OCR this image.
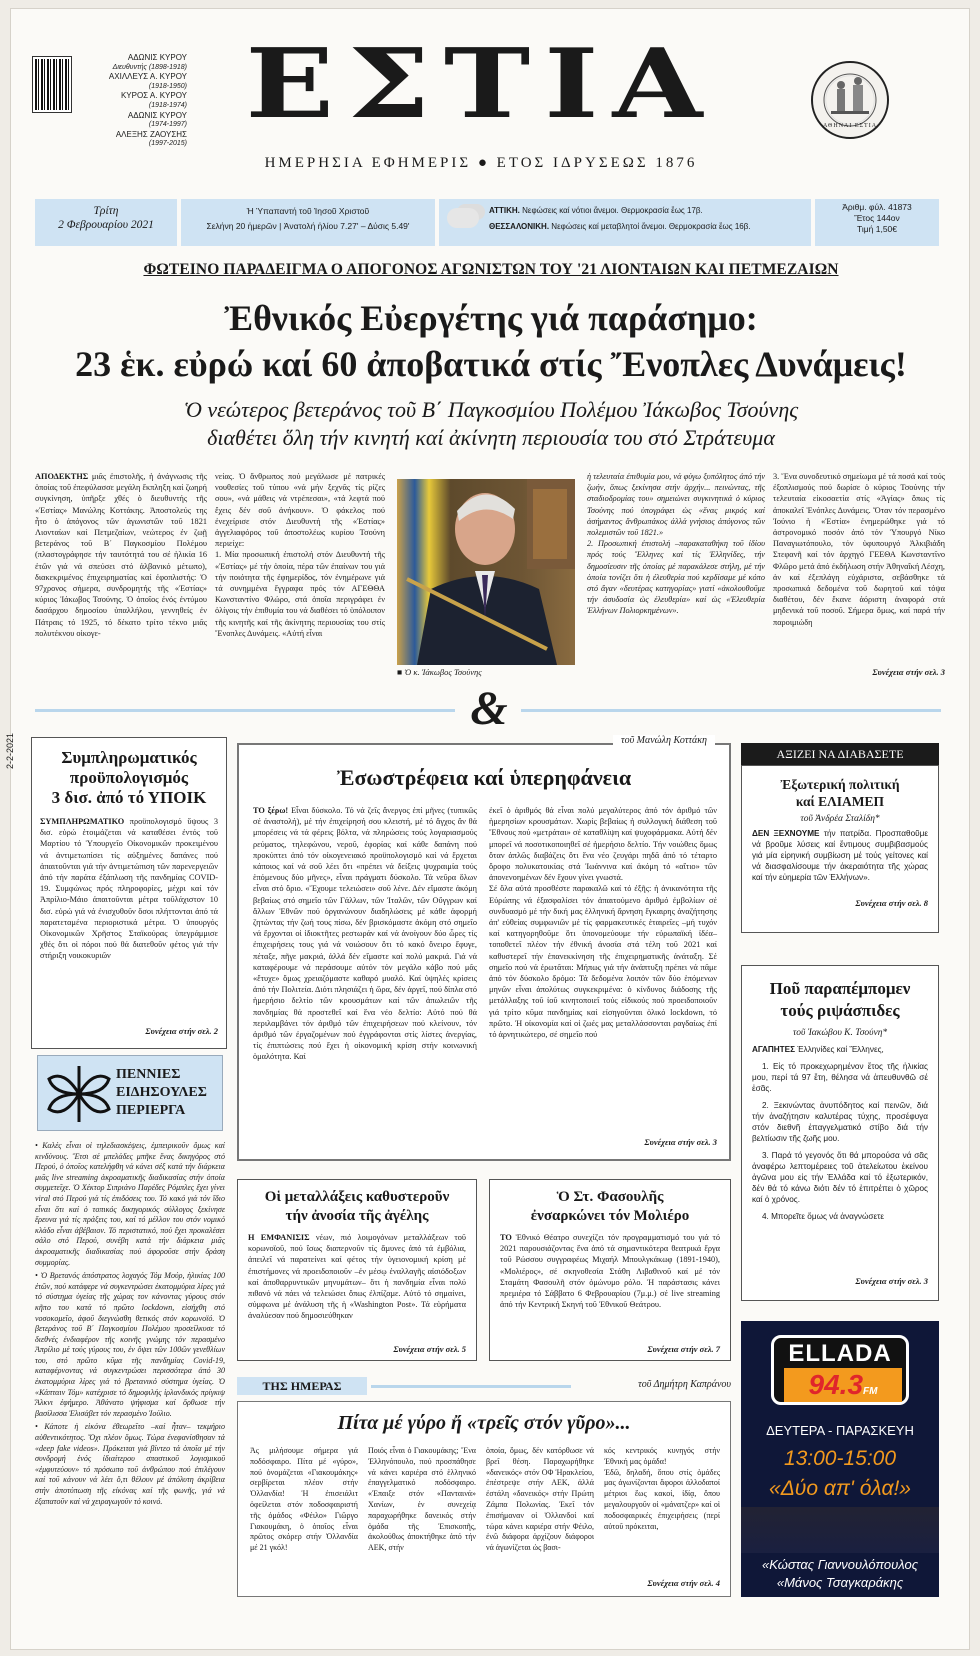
ΑΔΩΝΙΣ ΚΥΡΟΥ
Διευθυντής (1898-1918)
ΑΧΙΛΛΕΥΣ Α. ΚΥΡΟΥ
(1918-1950)
ΚΥΡΟΣ Α. ΚΥΡΟΥ
(1918-1974)
ΑΔΩΝΙΣ ΚΥΡΟΥ
(1974-1997)
ΑΛΕΞΗΣ ΖΑΟΥΣΗΣ
(1997-2015)
ΕΣΤΙΑ
ΗΜΕΡΗΣΙΑ ΕΦΗΜΕΡΙΣ ● ΕΤΟΣ ΙΔΡΥΣΕΩΣ 1876
ΑΘΗΝΑΙ ΕΣΤΙΑ
Τρίτη
2 Φεβρουαρίου 2021
Ἡ Ὑπαπαντή τοῦ Ἰησοῦ Χριστοῦ
Σελήνη 20 ἡμερῶν | Ἀνατολή ἡλίου 7.27' – Δύσις 5.49'
ΑΤΤΙΚΗ. Νεφώσεις καί νότιοι ἄνεμοι. Θερμοκρασία ἕως 17β.
ΘΕΣΣΑΛΟΝΙΚΗ. Νεφώσεις καί μεταβλητοί ἄνεμοι. Θερμοκρασία ἕως 16β.
Ἀριθμ. φύλ. 41873
Ἔτος 144ον
Τιμή 1,50€
ΦΩΤΕΙΝΟ ΠΑΡΑΔΕΙΓΜΑ Ο ΑΠΟΓΟΝΟΣ ΑΓΩΝΙΣΤΩΝ ΤΟΥ '21 ΛΙΟΝΤΑΙΩΝ ΚΑΙ ΠΕΤΜΕΖΑΙΩΝ
Ἐθνικός Εὐεργέτης γιά παράσημο:
23 ἑκ. εὐρώ καί 60 ἀποβατικά στίς Ἔνοπλες Δυνάμεις!
Ὁ νεώτερος βετεράνος τοῦ Β΄ Παγκοσμίου Πολέμου Ἰάκωβος Τσούνης
διαθέτει ὅλη τήν κινητή καί ἀκίνητη περιουσία του στό Στράτευμα
ΑΠΟΔΕΚΤΗΣ μιᾶς ἐπιστολῆς, ἡ ἀνάγνωσις τῆς ὁποίας τοῦ ἐπεφύλασσε μεγάλη ἔκπληξη καί ζωηρή συγκίνηση, ὑπῆρξε χθές ὁ διευθυντής τῆς «Ἑστίας» Μανώλης Κοττάκης. Ἀποστολεύς της ἦτο ὁ ἀπόγονος τῶν ἀγωνιστῶν τοῦ 1821 Λιονταίων καί Πετμεζαίων, νεώτερος ἐν ζωῇ βετεράνος τοῦ Β΄ Παγκοσμίου Πολέμου (πλαστογράφησε τήν ταυτότητά του σέ ἡλικία 16 ἐτῶν γιά νά σπεύσει στό ἀλβανικό μέτωπο), διακεκριμένος ἐπιχειρηματίας καί ἐφοπλιστής: Ὁ 97χρονος σήμερα, συνδρομητής τῆς «Ἑστίας» κύριος Ἰάκωβος Τσούνης. Ὁ ὁποῖος ἐνός ἐντύμου δασάρχου δημοσίου ὑπαλλήλου, γεννηθείς ἐν Πάτραις τό 1925, τό δέκατο τρίτο τέκνο μιᾶς πολυτέκνου οἰκογε-
νείας. Ὁ ἄνθρωπος πού μεγάλωσε μέ πατρικές νουθεσίες τοῦ τύπου «νά μήν ξεχνᾶς τίς ρίζες σου», «νά μάθεις νά ντρέπεσαι», «τά λεφτά πού ἔχεις δέν σοῦ ἀνήκουν». Ὁ φάκελος πού ἐνεχείρισε στόν Διευθυντή τῆς «Ἑστίας» ἀγγελιαφόρος τοῦ ἀποστολέως κυρίου Τσούνη περιείχε:
1. Μία προσωπική ἐπιστολή στόν Διευθυντή τῆς «Ἑστίας» μέ τήν ὁποία, πέρα τῶν ἐπαίνων του γιά τήν ποιότητα τῆς ἐφημερίδος, τόν ἐνημέρωνε γιά τά συνημμένα ἔγγραφα πρός τόν ΑΓΕΘΘΑ Κωνσταντίνο Φλώρο, στά ὁποῖα περιγράφει ἐν ὀλίγοις τήν ἐπιθυμία του νά διαθέσει τό ὑπόλοιπον τῆς κινητῆς καί τῆς ἀκίνητης περιουσίας του στίς Ἔνοπλες Δυνάμεις. «Αὐτή εἶναι
■ Ὁ κ. Ἰάκωβος Τσούνης
ἡ τελευταία ἐπιθυμία μου, νά φύγω ξυπόλητος ἀπό τήν ζωήν, ὅπως ξεκίνησα στήν ἀρχήν... πεινώντας, τῆς σταδιοδρομίας του» σημειώνει συγκινητικά ὁ κύριος Τσούνης πού ὑπογράφει ὡς «ἕνας μικρός καί ἀσήμαντος ἄνθρωπάκος ἀλλά γνήσιος ἀπόγονος τῶν πολεμιστῶν τοῦ 1821.»
2. Προσωπική ἐπιστολή –παρακαταθήκη τοῦ ἰδίου πρός τούς Ἕλληνες καί τίς Ἑλληνίδες, τήν δημοσίευσιν τῆς ὁποίας μέ παρακάλεσε στήλη, μέ τήν ὁποία τονίζει ὅτι ἡ ἐλευθερία πού κερδίσαμε μέ κόπο στό ἄγαν «δευτέρας κατηγορίας» γιατί «ἀκολουθοῦμε τήν ἀσυδοσία ὡς ἐλευθερία» καί ὡς «Ἐλευθερία Ἑλλήνων Πολιορκημένων».
3. Ἕνα συνοδευτικό σημείωμα μέ τά ποσά καί τούς ἐξοπλισμούς πού δωρίσε ὁ κύριος Τσούνης τήν τελευταία εἰκοσαετία στίς «Ἀγίας» ὅπως τίς ἀποκαλεῖ Ἐνόπλες Δυνάμεις. Ὅταν τόν περασμένο Ἰούνιο ἡ «Ἑστία» ἐνημερώθηκε γιά τό ἀστρονομικό ποσόν ἀπό τόν Ὑπουργό Νίκο Παναγιωτόπουλο, τόν ὑφυπουργό Ἀλκιβιάδη Στεφανῆ καί τόν ἀρχηγό ΓΕΕΘΑ Κωνσταντῖνο Φλῶρο μετά ἀπό ἐκδήλωση στήν Ἀθηναΐκή Λέσχη, ἀν καί ἐξεπλάγη εὐχάριστα, σεβάσθηκε τά προσωπικά δεδομένα τοῦ δωρητοῦ καί τόψα διαθέτου, δέν ἔκανε ἀόριστη ἀναφορά στά μηδενικά τοῦ ποσοῦ. Σήμερα ὅμως, καί παρά τήν παροιμιώδη
Συνέχεια στήν σελ. 3
&
2-2-2021	Συμπληρωματικός
προϋπολογισμός
3 δισ. ἀπό τό ΥΠΟΙΚ
ΣΥΜΠΛΗΡΩΜΑΤΙΚΟ προϋπολογισμό ὕψους 3 δισ. εὐρώ ἑτοιμάζεται νά καταθέσει ἐντός τοῦ Μαρτίου τό Ὑπουργεῖο Οἰκονομικῶν προκειμένου νά ἀντιμετωπίσει τίς αὐξημένες δαπάνες πού ἀπαιτοῦνται γιά τήν ἀντιμετώπιση τῶν παρενεργειῶν ἀπό τήν παράτα ἐξάπλωση τῆς πανδημίας COVID-19. Συμφώνως πρός πληροφορίες, μέχρι καί τόν Ἀπρίλιο-Μάιο ἀπαιτοῦνται μέτρα τοῦλάχιστον 10 δισ. εὐρώ γιά νά ἐνισχυθοῦν ὅσοι πλήττονται ἀπό τά παρατεταμένα περιοριστικά μέτρα. Ὁ ὑπουργός Οἰκονομικῶν Χρῆστος Σταϊκούρας ὑπεγράμμισε χθές ὅτι οἱ πόροι πού θά διατεθοῦν φέτος γιά τήν στήριξη νοικοκυριῶν
Συνέχεια στήν σελ. 2
ΠΕΝΝΙΕΣ
ΕΙΔΗΣΟΥΛΕΣ
ΠΕΡΙΕΡΓΑ

• Καλές εἶναι οἱ τηλεδιασκέψεις, ἐμπειρικοῦν ὅμως καί κινδύνους. Ἔτσι σέ μπελάδες μπῆκε ἕνας δικηγόρος στό Περού, ὁ ὁποῖος κατελήφθη νά κάνει σέξ κατά τήν διάρκεια μιᾶς live streaming ἀκροαματικῆς διαδικασίας στήν ὁποία συμμετεῖχε. Ὁ Χέκτορ Σιπριάνο Παρέδες Ρόμπλες ἔχει γίνει viral στό Περού γιά τίς ἐπιδόσεις του. Τό κακό γιά τόν ἴδιο εἶναι ὅτι καί ὁ τοπικός δικηγορικός σύλλογος ξεκίνησε ἔρευνα γιά τίς πράξεις του, καί τό μέλλον του στόν νομικό κλάδο εἶναι ἀβέβαιον. Τό περιστατικό, πού ἔχει προκαλέσει σάλο στό Περού, συνέβη κατά τήν διάρκεια μιᾶς ἀκροαματικῆς διαδικασίας πού ἀφοροῦσε στήν δράση συμμορίας.

• Ὁ Βρετανός ἀπόστρατος λοχαγός Τόμ Μούρ, ἡλικίας 100 ἐτῶν, πού κατάφερε νά συγκεντρώσει ἑκατομμύρια λίρες γιά τό σύστημα ὑγείας τῆς χώρας τον κάνοντας γύρους στόν κῆπο του κατά τό πρῶτο lockdown, εἰσήχθη στό νοσοκομεῖο, ἀφοῦ διεγνώσθη θετικός στόν κορωνοϊό. Ὁ βετεράνος τοῦ Β΄ Παγκοσμίου Πολέμου προσείλκυσε τό διεθνές ἐνδιαφέρον τῆς κοινῆς γνώμης τόν περασμένο Ἀπρίλιο μέ τούς γύρους του, ἐν ὄψει τῶν 100ῶν γενεθλίων του, στό πρῶτο κῦμα τῆς πανδημίας Covid-19, καταφέρνοντας νά συγκεντρώσει περισσότερα ἀπό 30 ἑκατομμύρια λίρες γιά τό βρετανικό σύστημα ὑγείας. Ὁ «Κάπταιν Τόμ» κατέχρισε τό δημοφιλής ἰρλανδικός πρίγκιψ Ἄλκνι ἐφήμερο. Ἀθάνατο ψήφισμα καί ὄρθωσε τήν βασίλισσα Ἐλισάβετ τόν περασμένο Ἰούλιο.

• Κάποτε ἡ εἰκόνα ἐθεωρεῖτο –καί ἦταν– τεκμήριο αὐθεντικότητος. Ὄχι πλέον ὅμως. Τώρα ἐνεφανίσθησαν τά «deep fake videos». Πρόκειται γιά βίντεο τά ὁποῖα μέ τήν συνδρομή ἑνός ἰδιαίτερου σπαστικοῦ λογισμικοῦ «ἐμφυτεύουν» τό πρόσωπο τοῦ ἀνθρώπου πού ἐπιλέγουν καί τοῦ κάνουν νά λέει ὅ,τι θέλουν μέ ἀπόλυτη ἀκρίβεια στήν ἀποτύπωση τῆς εἰκόνας καί τῆς φωνῆς, γιά νά ἐξαπατοῦν καί νά χειραγωγοῦν τό κοινό.

τοῦ Μανώλη Κοττάκη
Ἐσωστρέφεια καί ὑπερηφάνεια
ΤΟ ξέρω! Εἶναι δύσκολο. Τό νά ζεῖς ἄνεργος ἐπί μῆνες (τυπικῶς σέ ἀναστολή), μέ τήν ἐπιχείρησή σου κλειστή, μέ τό ἄγχος ἄν θά μπορέσεις νά τά φέρεις βόλτα, νά πληρώσεις τούς λογαριασμούς ρεύματος, τηλεφώνου, νεροῦ, ἐφορίας καί κάθε δαπάνη πού προκύπτει ἀπό τόν οἰκογενειακό προϋπολογισμό καί νά ἔρχεται κάποιος καί νά σοῦ λέει ὅτι «πρέπει νά δείξεις ψυχραιμία τούς ἑπόμενους δύο μῆνες», εἶναι πράγματι δύσκολο. Τά νεῦρα ὅλων εἶναι στό ὅριο. «Ἔχουμε τελειώσει» σοῦ λένε. Δέν εἴμαστε ἀκόμη βεβαίως στό σημεῖο τῶν Γάλλων, τῶν Ἰταλῶν, τῶν Οὔγγρων καί ἄλλων Ἐθνῶν πού ὀργανώνουν διαδηλώσεις μέ κάθε ἀφορμή ζητώντας τήν ζωή τους πίσω, δέν βρισκόμαστε ἀκόμη στό σημεῖο νά ἔρχονται οἱ ἰδιοκτῆτες ρεστωράν καί νά ἀνοίγουν δύο ὧρες τίς ἐπιχειρήσεις τους γιά νά νοιώσουν ὅτι τό κακό ὄνειρο ἔφυγε, πέταξε, πῆγε μακριά, ἀλλά δέν εἴμαστε καί πολύ μακριά. Γιά νά καταφέρουμε νά περάσουμε αὐτόν τόν μεγάλο κάβο πού μᾶς «ἔτυχε» ὅμως χρειαζόμαστε καθαρό μυαλό. Καί ὑψηλές κρίσεις ἀπό τήν Πολιτεία. Διότι πλησιάζει ἡ ὥρα, δέν ἀργεῖ, πού δίπλα στό ἡμερήσιο δελτίο τῶν κρουσμάτων καί τῶν ἀπωλειῶν τῆς πανδημίας θά προστεθεῖ καί ἕνα νέο δελτίο: Αὐτό πού θά περιλαμβάνει τόν ἀριθμό τῶν ἐπιχειρήσεων πού κλείνουν, τόν ἀριθμό τῶν ἐργαζομένων πού ἐγγράφονται στίς λίστες ἀνεργίας, τίς ἐπιπτώσεις πού ἔχει ἡ οἰκονομική κρίση στήν κοινωνική ὁμαλότητα. Καί
ἐκεῖ ὁ ἀριθμός θά εἶναι πολύ μεγαλύτερος ἀπό τόν ἀριθμό τῶν ἡμερησίων κρουσμάτων. Χωρίς βεβαίως ἡ συλλογική διάθεση τοῦ Ἔθνους πού «μετράται» σέ καταθλίψη καί ψυχοφάρμακα. Αὐτή δέν μπορεῖ νά ποσοτικοποιηθεῖ σέ ἡμερήσιο δελτίο. Τήν νοιώθεις ὅμως ὅταν ἁπλῶς διαβάζεις ὅτι ἕνα νέο ζευγάρι πηδᾶ ἀπό τό τέταρτο ὄροφο πολυκατοικίας στά Ἰωάννινα καί ἀκόμη τό «αἴτιο» τῶν ἀπονενοημένων δέν ἔχουν γίνει γνωστά.
Σέ ὅλα αὐτά προσθέστε παρακαλῶ καί τό ἐξῆς: ἡ ἀνικανότητα τῆς Εὐρώπης νά ἐξασφαλίσει τόν ἀπαιτούμενο ἀριθμό ἐμβολίων σέ συνδυασμό μέ τήν δική μας ἑλληνική ἄρνηση ἔγκαιρης ἀναζήτησης ἀπ' εὐθείας συμφωνιῶν μέ τίς φαρμακευτικές ἑταιρεῖες –μή τυχόν καί κατηγορηθοῦμε ὅτι ὑπονομεύουμε τήν εὐρωπαϊκή ἰδέα– τοποθετεῖ πλέον τήν ἐθνική ἀνοσία στά τέλη τοῦ 2021 καί καθυστερεῖ τήν ἐπανεκκίνηση τῆς ἐπιχειρηματικῆς ἀνάταξη. Σέ σημεῖο πού νά ἐρωτᾶται: Μήπως γιά τήν ἀνάπτυξη πρέπει νά πᾶμε ἀπό τόν δύσκολο δρόμο: Τά δεδομένα λοιπόν τῶν δύο ἑπόμενων μηνῶν εἶναι ἀπολύτως συγκεκριμένα: ὁ κίνδυνος διάδοσης τῆς μετάλλαξης τοῦ ἰοῦ κινητοποιεῖ τούς εἰδικούς πού προειδοποιοῦν γιά τρίτο κῦμα πανδημίας καί εἰσηγοῦνται ὁλικό lockdown, τό πρῶτο. Ἡ οἰκονομία καί οἱ ζωές μας μεταλλάσσονται ραγδαίως ἐπί τό ἀρνητικώτερο, σέ σημεῖο πού
Συνέχεια στήν σελ. 3
Οἱ μεταλλάξεις καθυστεροῦν
τήν ἀνοσία τῆς ἀγέλης
Η ΕΜΦΑΝΙΣΙΣ νέων, πιό λοιμογόνων μεταλλάξεων τοῦ κορωνοϊοῦ, πού ἴσως διαπερνοῦν τίς ἄμυνες ἀπό τά ἐμβόλια, ἀπειλεῖ νά παρατείνει καί φέτος τήν ὑγειονομική κρίση μέ ἐπιστήμονες νά προειδοποιοῦν –ἐν μέσῳ ἐναλλαγῆς αἰσιόδοξων καί ἀποθαρρυντικῶν μηνυμάτων– ὅτι ἡ πανδημία εἶναι πολύ πιθανό νά πάει νά τελειώσει ὅπως ἐλπίζαμε. Αὐτό τό σημαίνει, σύμφωνα μέ ἀνάλυση τῆς ἡ «Washington Post». Τά εὑρήματα ἀναλύεσαν πού δημοσιεύθηκαν
Συνέχεια στήν σελ. 5
Ὁ Στ. Φασουλῆς
ἐνσαρκώνει τόν Μολιέρο
ΤΟ Ἐθνικό Θέατρο συνεχίζει τόν προγραμματισμό του γιά τό 2021 παρουσιάζοντας ἕνα ἀπό τά σημαντικότερα θεατρικά ἔργα τοῦ Ρώσσου συγγραφέως Μιχαήλ Μπουλγκάκωφ (1891-1940), «Μολιέρος», σέ σκηνοθεσία Στάθη Λιβαθινοῦ καί μέ τόν Σταμάτη Φασουλῆ στόν ὁμώνυμο ρόλο. Ἡ παράστασις κάνει πρεμιέρα τό Σάββατο 6 Φεβρουαρίου (7μ.μ.) σέ live streaming ἀπό τήν Κεντρική Σκηνή τοῦ Ἐθνικοῦ Θεάτρου.
Συνέχεια στήν σελ. 7
ΤΗΣ ΗΜΕΡΑΣ	τοῦ Δημήτρη Καπράνου
Πίτα μέ γύρο ἤ «τρεῖς στόν γῦρο»...
Ἀς μιλήσουμε σήμερα γιά ποδόσφαιρο. Πίτα μέ «γύρο», πού ὀνομάζεται «Γιακουμάκης» σερβίρεται πλέον στήν Ὀλλανδία! Ἡ ἐπισειάλιτ ὀφείλεται στόν ποδοσφαιριστή τῆς ὁμάδος «Φέιλο» Γιῶργο Γιακουμάκη, ὁ ὁποῖος εἶναι πρῶτος σκόρερ στήν Ὀλλανδία μέ 21 γκόλ!
Ποιός εἶναι ὁ Γιακουμάκης; Ἕνα Ἑλληνόπουλο, πού προσπάθησε νά κάνει καριέρα στό ἑλληνικό ἐπαγγελματικό ποδόσφαιρο. «Ἐπαιξε στόν «Πανταινά» Χανίων, ἐν συνεχείᾳ παραχωρήθηκε δανεικός στήν ὁμάδα τῆς Ἐπισκοπῆς, ἀκολούθως ἀποκτήθηκε ἀπό τήν ΑΕΚ, στήν
ὁποία, ὅμως, δέν κατόρθωσε νά βρεῖ θέση. Παραχωρήθηκε «δανεικός» στόν ΟΦ Ἡρακλείου, ἐπέστρεψε στήν ΑΕΚ, ἀλλά ἐστάλη «δανεικός» στήν Πρώτη Ζάμπα Πολωνίας. Ἐκεῖ τόν ἐπισήμαναν οἱ Ὀλλανδοί καί τώρα κάνει καριέρα στήν Φέιλο, ἐνῶ διάφορα ἀρχίζουν διάφοροι νά ἀγωνίζεται ὡς βασι-
κός κεντρικός κυνηγός στήν Ἐθνική μας ὁμάδα!
Ἐδῶ, δηλαδή, ὅπου στίς ὁμάδες μας ἀγωνίζονται ἄφοροι ἀλλοδαποί μέτριοι ἕως κακοί, ἰδίᾳ, ὅπου μεγαλουργοῦν οἱ «μάνατζερ» καί οἱ ποδοσφαιρικές ἐπιχειρήσεις (περί αὐτοῦ πρόκειται,
Συνέχεια στήν σελ. 4
ΑΞΙΖΕΙ ΝΑ ΔΙΑΒΑΣΕΤΕ
Ἐξωτερική πολιτική
καί ΕΛΙΑΜΕΠ
τοῦ Ἀνδρέα Σταλίδη*
ΔΕΝ ΞΕΧΝΟΥΜΕ τήν πατρίδα. Προσπαθοῦμε νά βροῦμε λύσεις καί ἔντιμους συμβιβασμούς γιά μία εἰρηνική συμβίωση μέ τούς γείτονες καί νά διασφαλίσουμε τήν ἀκεραιότητα τῆς χώρας καί τήν εὐημερία τῶν Ἑλλήνων».
Συνέχεια στήν σελ. 8
Ποῦ παραπέμπομεν
τούς ριψάσπιδες
τοῦ Ἰακώβου Κ. Τσούνη*
ΑΓΑΠΗΤΕΣ Ἑλληνίδες καί Ἕλληνες,

1. Εἰς τό προκεχωρημένον ἔτος τῆς ἡλικίας μου, περί τά 97 ἔτη, θέλησα νά ἀπευθυνθῶ σέ ἐσᾶς.

2. Ξεκινώντας ἀνυπόδητος καί πεινῶν, διά τήν ἀναζήτησιν καλυτέρας τύχης, προσέφυγα στόν διεθνῆ ἐπαγγελματικό στίβο διά τήν βελτίωσιν τῆς ζωῆς μου.

3. Παρά τό γεγονός ὅτι θά μπορούσα νά σᾶς ἀναφέρω λεπτομέρειες τοῦ ἀτελείωτου ἐκείνου ἀγῶνα μου εἰς τήν Ἑλλάδα καί τό ἐξωτερικόν, δέν θά τό κάνω διότι δέν τό ἐπιτρέπει ὁ χῶρος καί ὁ χρόνος.

4. Μπορεῖτε ὅμως νά ἀναγνώσετε

Συνέχεια στήν σελ. 3
ELLADA
94.3FM
ΔΕΥΤΕΡΑ - ΠΑΡΑΣΚΕΥΗ
13:00-15:00
«Δύο απ' όλα!»
«Κώστας Γιαννουλόπουλος
«Μάνος Τσαγκαράκης
